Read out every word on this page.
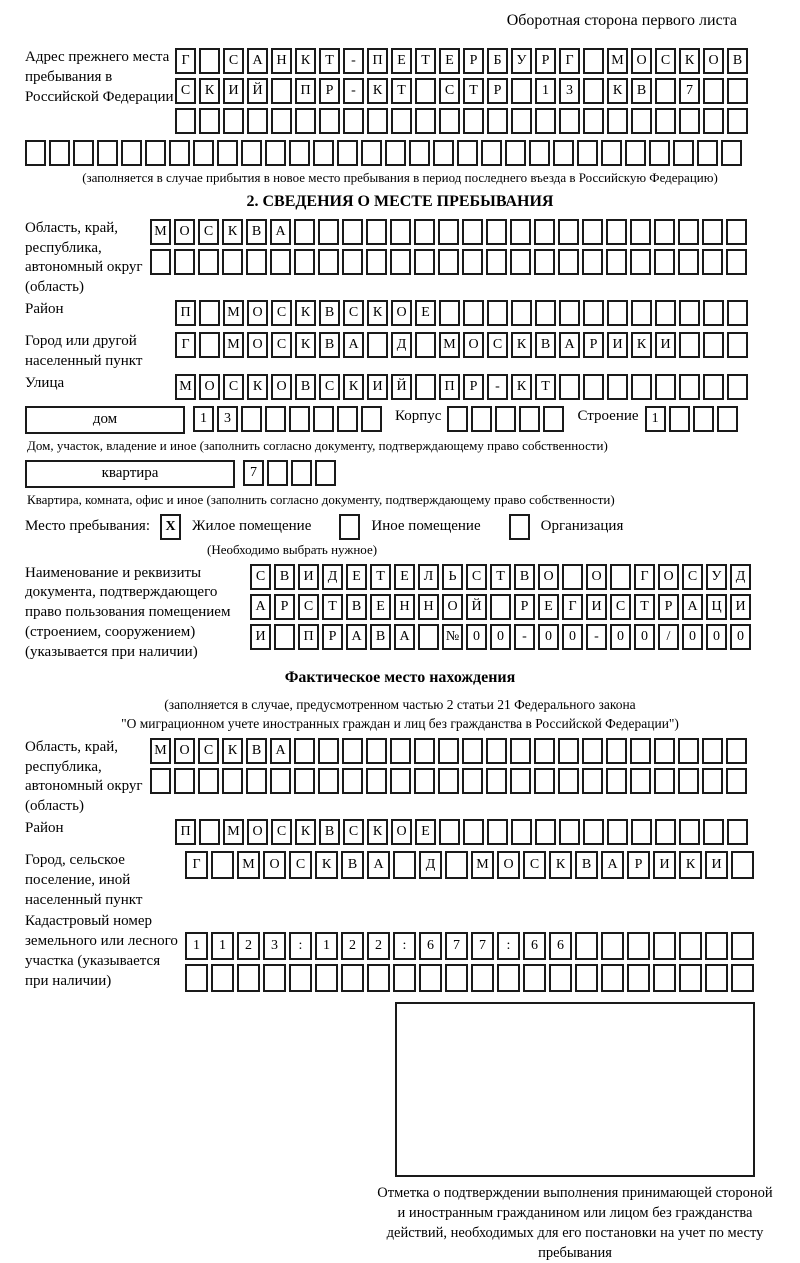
Оборотная сторона первого листа
Адрес прежнего места пребывания в Российской Федерации
Г	С	А Н	К	Т	-	П	Е	Т	Е	Р	Б	У	Р	Г	М О	С	К	О	В
С	К	И Й	П	Р	-	К	Т	С	Т	Р	1	3	К	В	7
(заполняется в случае прибытия в новое место пребывания в период последнего въезда в Российскую Федерацию)
2. СВЕДЕНИЯ О МЕСТЕ ПРЕБЫВАНИЯ
Область, край, республика, автономный округ (область)
М О	С	К	В	А
Район	П	М О	С	К	В	С	К	О	Е
Город или другой населенный пункт
Г	М О	С	К	В	А	Д	М О	С	К	В	А	Р	И	К	И
Улица	М О	С	К	О	В	С	К	И Й	П	Р	-	К	Т
дом	1	3	Корпус	Строение 1
Дом, участок, владение и иное (заполнить согласно документу, подтверждающему право собственности)
квартира	7
Квартира, комната, офис и иное (заполнить согласно документу, подтверждающему право собственности)
Место пребывания:	X	Жилое помещение	Иное помещение	Организация
(Необходимо выбрать нужное)
Наименование и реквизиты документа, подтверждающего право пользования помещением (строением, сооружением) (указывается при наличии)
С	В	И	Д	Е	Т	Е	Л	Ь	С	Т	В	О	О	Г	О	С	У	Д
А	Р	С	Т	В	Е	Н Н О Й	Р	Е	Г	И	С	Т	Р	А Ц И
И	П	Р	А	В	А	№ 0	0	-	0	0	-	0	0	/	0	0	0
Фактическое место нахождения
(заполняется в случае, предусмотренном частью 2 статьи 21 Федерального закона
"О миграционном учете иностранных граждан и лиц без гражданства в Российской Федерации")
Область, край, республика, автономный округ (область)
М О	С	К	В	А
Район	П	М О	С	К	В	С	К	О	Е
Город, сельское поселение, иной населенный пункт
Г	М	О	С	К	В	А	Д	М	О	С	К	В	А	Р	И	К	И
Кадастровый номер земельного или лесного участка (указывается при наличии)
1	1	2	3	:	1	2	2	:	6	7	7	:	6	6
Отметка о подтверждении выполнения принимающей стороной и иностранным гражданином или лицом без гражданства действий, необходимых для его постановки на учет по месту пребывания
